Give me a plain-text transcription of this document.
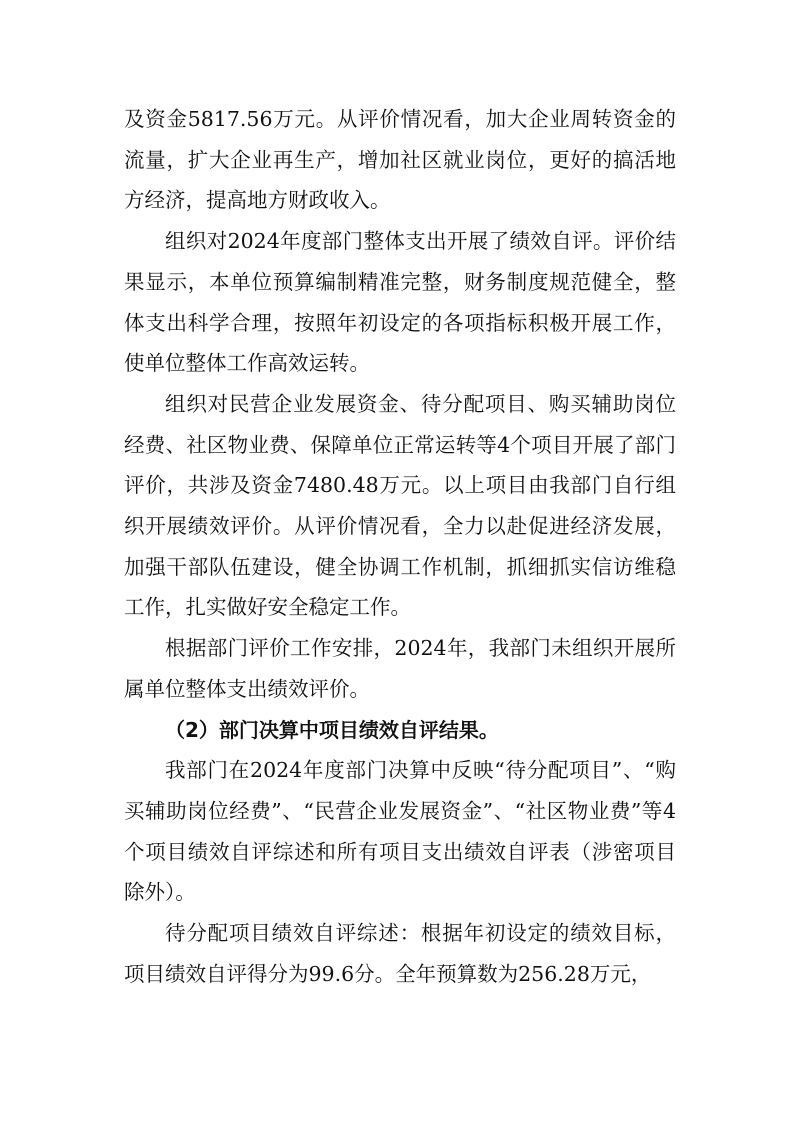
及资金5817.56万元。从评价情况看，加大企业周转资金的流量，扩大企业再生产，增加社区就业岗位，更好的搞活地方经济，提高地方财政收入。

组织对2024年度部门整体支出开展了绩效自评。评价结果显示，本单位预算编制精准完整，财务制度规范健全，整体支出科学合理，按照年初设定的各项指标积极开展工作，使单位整体工作高效运转。

组织对民营企业发展资金、待分配项目、购买辅助岗位经费、社区物业费、保障单位正常运转等4个项目开展了部门评价，共涉及资金7480.48万元。以上项目由我部门自行组织开展绩效评价。从评价情况看，全力以赴促进经济发展，加强干部队伍建设，健全协调工作机制，抓细抓实信访维稳工作，扎实做好安全稳定工作。

根据部门评价工作安排，2024年，我部门未组织开展所属单位整体支出绩效评价。

（2）部门决算中项目绩效自评结果。

我部门在2024年度部门决算中反映“待分配项目”、“购买辅助岗位经费”、“民营企业发展资金”、“社区物业费”等4个项目绩效自评综述和所有项目支出绩效自评表（涉密项目除外）。

待分配项目绩效自评综述：根据年初设定的绩效目标，项目绩效自评得分为99.6分。全年预算数为256.28万元，
